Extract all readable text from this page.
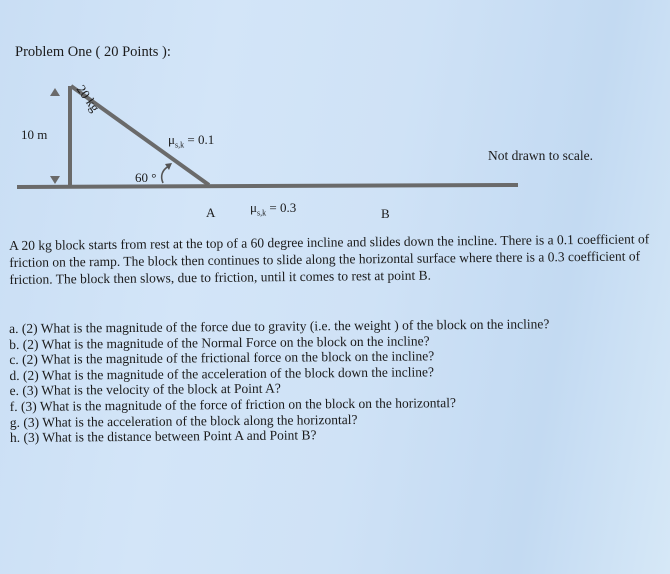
Problem One ( 20 Points ):
20 kg
10 m	$\mu_{s,k} = 0.1$
60 °
A	$\mu_{s,k} = 0.3$	B
Not drawn to scale.
A 20 kg block starts from rest at the top of a 60 degree incline and slides down the incline. There is a 0.1 coefficient of friction on the ramp. The block then continues to slide along the horizontal surface where there is a 0.3 coefficient of friction. The block then slows, due to friction, until it comes to rest at point B.
a. (2) What is the magnitude of the force due to gravity (i.e. the weight ) of the block on the incline?
b. (2) What is the magnitude of the Normal Force on the block on the incline?
c. (2) What is the magnitude of the frictional force on the block on the incline?
d. (2) What is the magnitude of the acceleration of the block down the incline?
e. (3) What is the velocity of the block at Point A?
f. (3) What is the magnitude of the force of friction on the block on the horizontal?
g. (3) What is the acceleration of the block along the horizontal?
h. (3) What is the distance between Point A and Point B?
